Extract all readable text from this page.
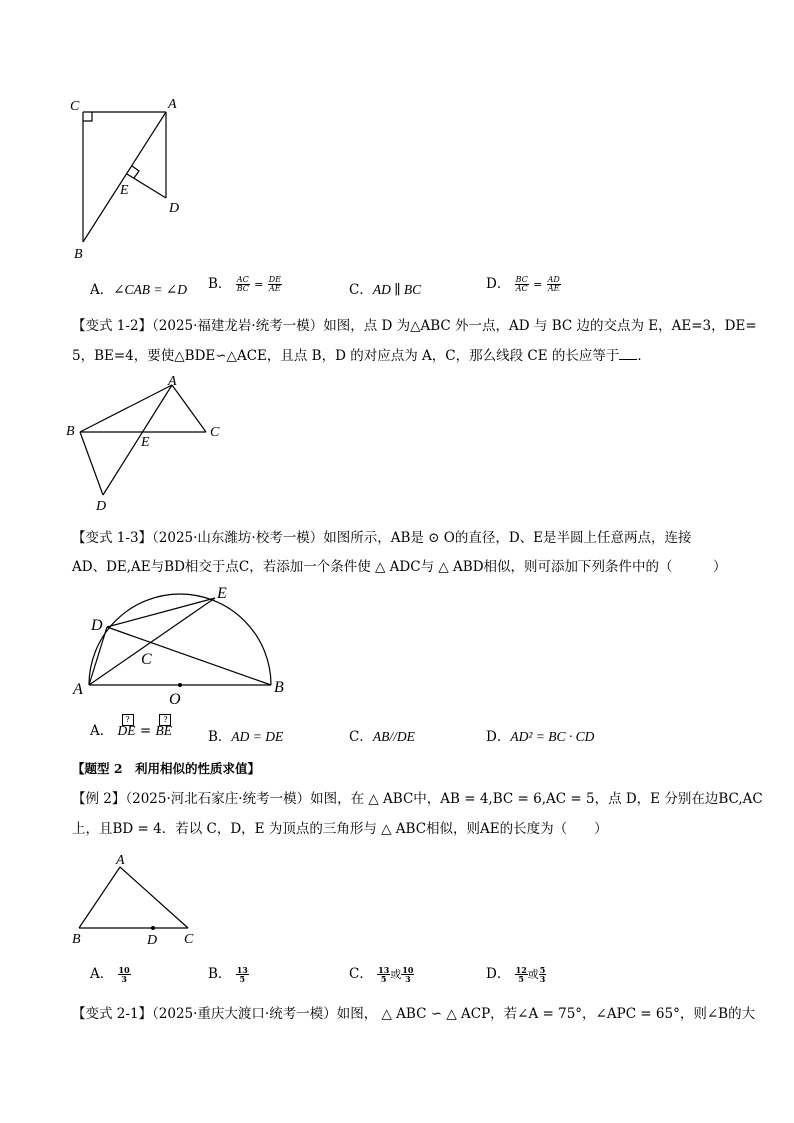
C	A
E
D
B
A．∠CAB = ∠D B． $\frac{AC}{BC} = \frac{DE}{AE}$	C．AD ∥ BC	D． $\frac{BC}{AC} = \frac{AD}{AE}$
【变式 1-2】（2025·福建龙岩·统考一模）如图，点 D 为△ABC 外一点，AD 与 BC 边的交点为 E，AE=3，DE=
5，BE=4，要使△BDE∽△ACE，且点 B，D 的对应点为 A，C，那么线段 CE 的长应等于 ．
A
B	C
E
D
【变式 1-3】（2025·山东潍坊·校考一模）如图所示，AB是 ⊙ O的直径，D、E是半圆上任意两点，连接
AD、DE,AE与BD相交于点C，若添加一个条件使 △ ADC与 △ ABD相似，则可添加下列条件中的（　　　）
D
E
C
A
O
B
A．
?
DE =
?
BE	B．AD = DE	C．AB//DE	D．AD² = BC · CD
【题型 2　利用相似的性质求值】
【例 2】（2025·河北石家庄·统考一模）如图，在 △ ABC中，AB = 4,BC = 6,AC = 5，点 D，E 分别在边BC,AC
上，且BD = 4．若以 C，D，E 为顶点的三角形与 △ ABC相似，则AE的长度为（　　）
A
B	D C
A． $\frac{10}{3}$	B． $\frac{13}{5}$	C． $\frac{13}{5}$ 或 $\frac{10}{3}$	D． $\frac{12}{5}$ 或 $\frac{5}{3}$
【变式 2-1】（2025·重庆大渡口·统考一模）如图， △ ABC ∽ △ ACP，若∠A = 75°，∠APC = 65°，则∠B的大
